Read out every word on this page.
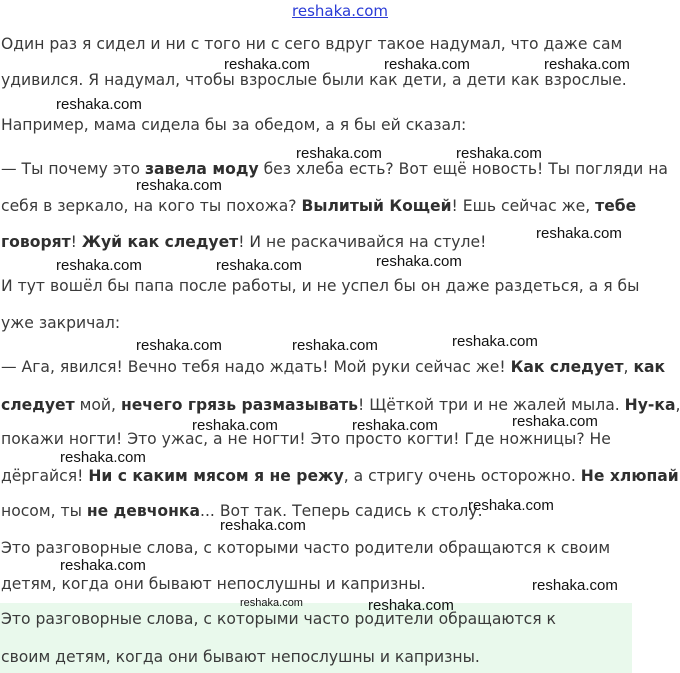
reshaka.com
Один раз я сидел и ни с того ни с сего вдруг такое надумал, что даже сам
удивился. Я надумал, чтобы взрослые были как дети, а дети как взрослые.
Например, мама сидела бы за обедом, а я бы ей сказал:
— Ты почему это завела моду без хлеба есть? Вот ещё новость! Ты погляди на
себя в зеркало, на кого ты похожа? Вылитый Кощей! Ешь сейчас же, тебе
говорят! Жуй как следует! И не раскачивайся на стуле!
И тут вошёл бы папа после работы, и не успел бы он даже раздеться, а я бы
уже закричал:
— Ага, явился! Вечно тебя надо ждать! Мой руки сейчас же! Как следует, как
следует мой, нечего грязь размазывать! Щёткой три и не жалей мыла. Ну-ка,
покажи ногти! Это ужас, а не ногти! Это просто когти! Где ножницы? Не
дёргайся! Ни с каким мясом я не режу, а стригу очень осторожно. Не хлюпай
носом, ты не девчонка... Вот так. Теперь садись к столу.
Это разговорные слова, с которыми часто родители обращаются к своим
детям, когда они бывают непослушны и капризны.
Это разговорные слова, с которыми часто родители обращаются к
своим детям, когда они бывают непослушны и капризны.
reshaka.com	reshaka.com	reshaka.com
reshaka.com
reshaka.com	reshaka.com
reshaka.com
reshaka.com
reshaka.com	reshaka.com	reshaka.com
reshaka.com	reshaka.com	reshaka.com
reshaka.com	reshaka.com	reshaka.com
reshaka.com
reshaka.com
reshaka.com
reshaka.com
reshaka.com
reshaka.com	reshaka.com
